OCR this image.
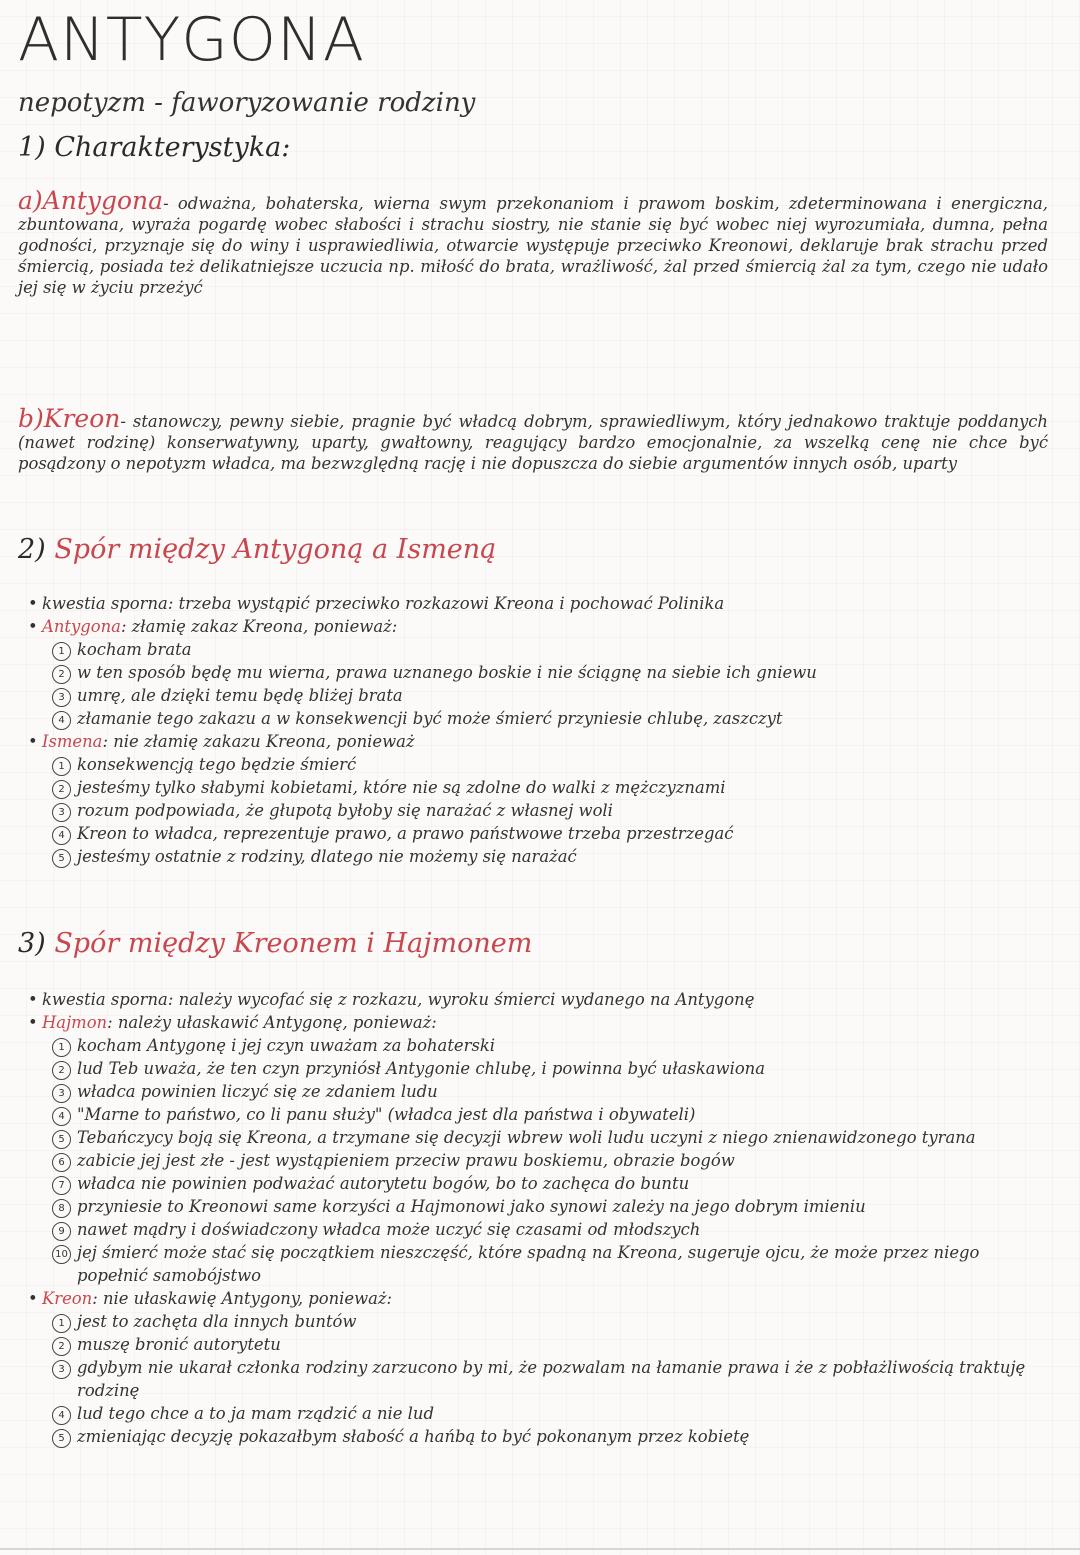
ANTYGONA
nepotyzm - faworyzowanie rodziny
1) Charakterystyka:
a)Antygona- odważna, bohaterska, wierna swym przekonaniom i prawom boskim, zdeterminowana i energiczna, zbuntowana, wyraża pogardę wobec słabości i strachu siostry, nie stanie się być wobec niej wyrozumiała, dumna, pełna godności, przyznaje się do winy i usprawiedliwia, otwarcie występuje przeciwko Kreonowi, deklaruje brak strachu przed śmiercią, posiada też delikatniejsze uczucia np. miłość do brata, wrażliwość, żal przed śmiercią żal za tym, czego nie udało jej się w życiu przeżyć
b)Kreon- stanowczy, pewny siebie, pragnie być władcą dobrym, sprawiedliwym, który jednakowo traktuje poddanych (nawet rodzinę) konserwatywny, uparty, gwałtowny, reagujący bardzo emocjonalnie, za wszelką cenę nie chce być posądzony o nepotyzm władca, ma bezwzględną rację i nie dopuszcza do siebie argumentów innych osób, uparty
2) Spór między Antygoną a Ismeną
• kwestia sporna: trzeba wystąpić przeciwko rozkazowi Kreona i pochować Polinika
• Antygona: złamię zakaz Kreona, ponieważ:
1 kocham brata
2 w ten sposób będę mu wierna, prawa uznanego boskie i nie ściągnę na siebie ich gniewu
3 umrę, ale dzięki temu będę bliżej brata
4 złamanie tego zakazu a w konsekwencji być może śmierć przyniesie chlubę, zaszczyt
• Ismena: nie złamię zakazu Kreona, ponieważ
1 konsekwencją tego będzie śmierć
2 jesteśmy tylko słabymi kobietami, które nie są zdolne do walki z mężczyznami
3 rozum podpowiada, że głupotą byłoby się narażać z własnej woli
4 Kreon to władca, reprezentuje prawo, a prawo państwowe trzeba przestrzegać
5 jesteśmy ostatnie z rodziny, dlatego nie możemy się narażać
3) Spór między Kreonem i Hajmonem
• kwestia sporna: należy wycofać się z rozkazu, wyroku śmierci wydanego na Antygonę
• Hajmon: należy ułaskawić Antygonę, ponieważ:
1 kocham Antygonę i jej czyn uważam za bohaterski
2 lud Teb uważa, że ten czyn przyniósł Antygonie chlubę, i powinna być ułaskawiona
3 władca powinien liczyć się ze zdaniem ludu
4 "Marne to państwo, co li panu służy" (władca jest dla państwa i obywateli)
5 Tebańczycy boją się Kreona, a trzymane się decyzji wbrew woli ludu uczyni z niego znienawidzonego tyrana
6 zabicie jej jest złe - jest wystąpieniem przeciw prawu boskiemu, obrazie bogów
7 władca nie powinien podważać autorytetu bogów, bo to zachęca do buntu
8 przyniesie to Kreonowi same korzyści a Hajmonowi jako synowi zależy na jego dobrym imieniu
9 nawet mądry i doświadczony władca może uczyć się czasami od młodszych
10 jej śmierć może stać się początkiem nieszczęść, które spadną na Kreona, sugeruje ojcu, że może przez niego popełnić samobójstwo
• Kreon: nie ułaskawię Antygony, ponieważ:
1 jest to zachęta dla innych buntów
2 muszę bronić autorytetu
3 gdybym nie ukarał członka rodziny zarzucono by mi, że pozwalam na łamanie prawa i że z pobłażliwością traktuję rodzinę
4 lud tego chce a to ja mam rządzić a nie lud
5 zmieniając decyzję pokazałbym słabość a hańbą to być pokonanym przez kobietę
